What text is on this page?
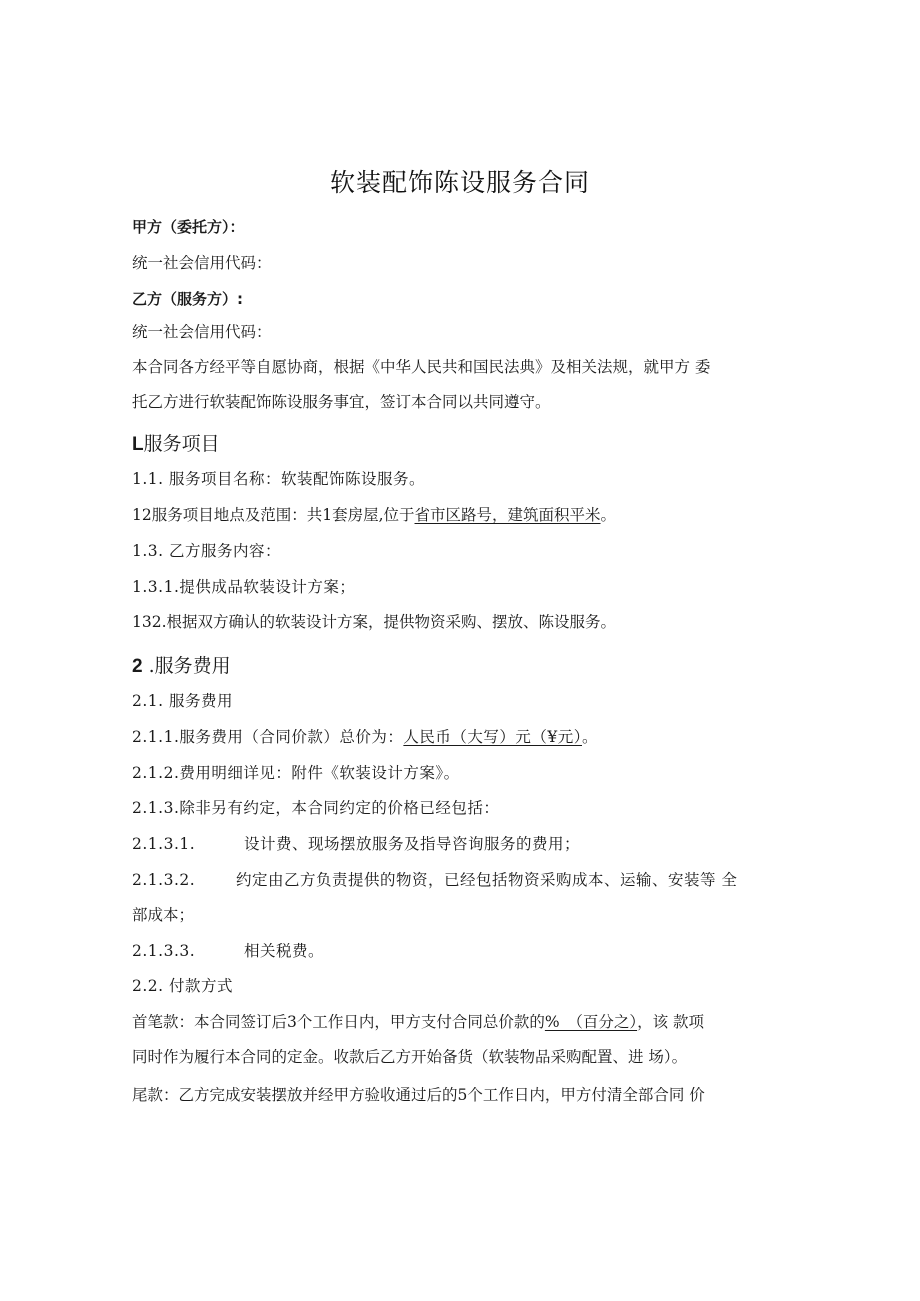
软装配饰陈设服务合同
甲方（委托方）：
统一社会信用代码：
乙方（服务方）:
统一社会信用代码：
本合同各方经平等自愿协商，根据《中华人民共和国民法典》及相关法规，就甲方 委
托乙方进行软装配饰陈设服务事宜，签订本合同以共同遵守。
L服务项目
1.1. 服务项目名称：软装配饰陈设服务。
12服务项目地点及范围：共1套房屋,位于省市区路号，建筑面积平米。
1.3. 乙方服务内容：
1.3.1.提供成品软装设计方案；
132.根据双方确认的软装设计方案，提供物资采购、摆放、陈设服务。
2 .服务费用
2.1. 服务费用
2.1.1.服务费用（合同价款）总价为：人民币（大写）元（¥元）。
2.1.2.费用明细详见：附件《软装设计方案》。
2.1.3.除非另有约定，本合同约定的价格已经包括：
2.1.3.1.	设计费、现场摆放服务及指导咨询服务的费用；
2.1.3.2.	约定由乙方负责提供的物资，已经包括物资采购成本、运输、安装等 全
部成本；
2.1.3.3.	相关税费。
2.2. 付款方式
首笔款：本合同签订后3个工作日内，甲方支付合同总价款的%　（百分之），该 款项
同时作为履行本合同的定金。收款后乙方开始备货（软装物品采购配置、进 场）。
尾款：乙方完成安装摆放并经甲方验收通过后的5个工作日内，甲方付清全部合同 价
